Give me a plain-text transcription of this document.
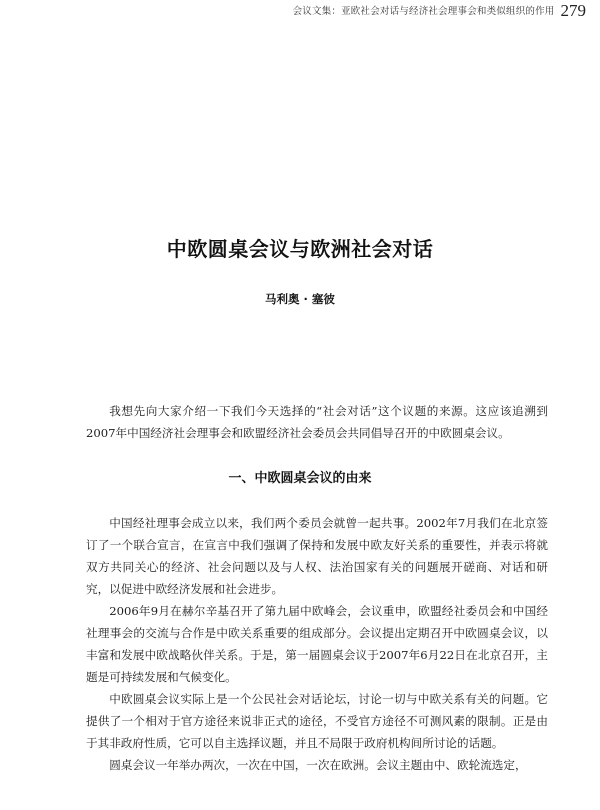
会议文集：亚欧社会对话与经济社会理事会和类似组织的作用 279
中欧圆桌会议与欧洲社会对话
马利奥 · 塞彼

我想先向大家介绍一下我们今天选择的“社会对话”这个议题的来源。这应该追溯到2007年中国经济社会理事会和欧盟经济社会委员会共同倡导召开的中欧圆桌会议。

一、中欧圆桌会议的由来

中国经社理事会成立以来，我们两个委员会就曾一起共事。2002年7月我们在北京签订了一个联合宣言，在宣言中我们强调了保持和发展中欧友好关系的重要性，并表示将就双方共同关心的经济、社会问题以及与人权、法治国家有关的问题展开磋商、对话和研究，以促进中欧经济发展和社会进步。

2006年9月在赫尔辛基召开了第九届中欧峰会，会议重申，欧盟经社委员会和中国经社理事会的交流与合作是中欧关系重要的组成部分。会议提出定期召开中欧圆桌会议，以丰富和发展中欧战略伙伴关系。于是，第一届圆桌会议于2007年6月22日在北京召开，主题是可持续发展和气候变化。

中欧圆桌会议实际上是一个公民社会对话论坛，讨论一切与中欧关系有关的问题。它提供了一个相对于官方途径来说非正式的途径，不受官方途径不可测风素的限制。正是由于其非政府性质，它可以自主选择议题，并且不局限于政府机构间所讨论的话题。

圆桌会议一年举办两次，一次在中国，一次在欧洲。会议主题由中、欧轮流选定，
